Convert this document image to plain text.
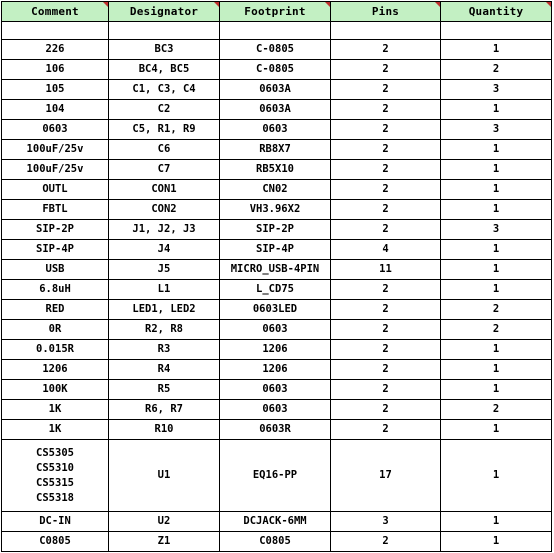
Comment	Designator	Footprint	Pins	Quantity

226	BC3	C-0805	2	1
106	BC4, BC5	C-0805	2	2
105	C1, C3, C4	0603A	2	3
104	C2	0603A	2	1
0603	C5, R1, R9	0603	2	3
100uF/25v	C6	RB8X7	2	1
100uF/25v	C7	RB5X10	2	1
OUTL	CON1	CN02	2	1
FBTL	CON2	VH3.96X2	2	1
SIP-2P	J1, J2, J3	SIP-2P	2	3
SIP-4P	J4	SIP-4P	4	1
USB	J5	MICRO_USB-4PIN	11	1
6.8uH	L1	L_CD75	2	1
RED	LED1, LED2	0603LED	2	2
0R	R2, R8	0603	2	2
0.015R	R3	1206	2	1
1206	R4	1206	2	1
100K	R5	0603	2	1
1K	R6, R7	0603	2	2
1K	R10	0603R	2	1

CS5305
CS5310
CS5315
CS5318	U1	EQ16-PP	17	1
DC-IN	U2	DCJACK-6MM	3	1
C0805	Z1	C0805	2	1
